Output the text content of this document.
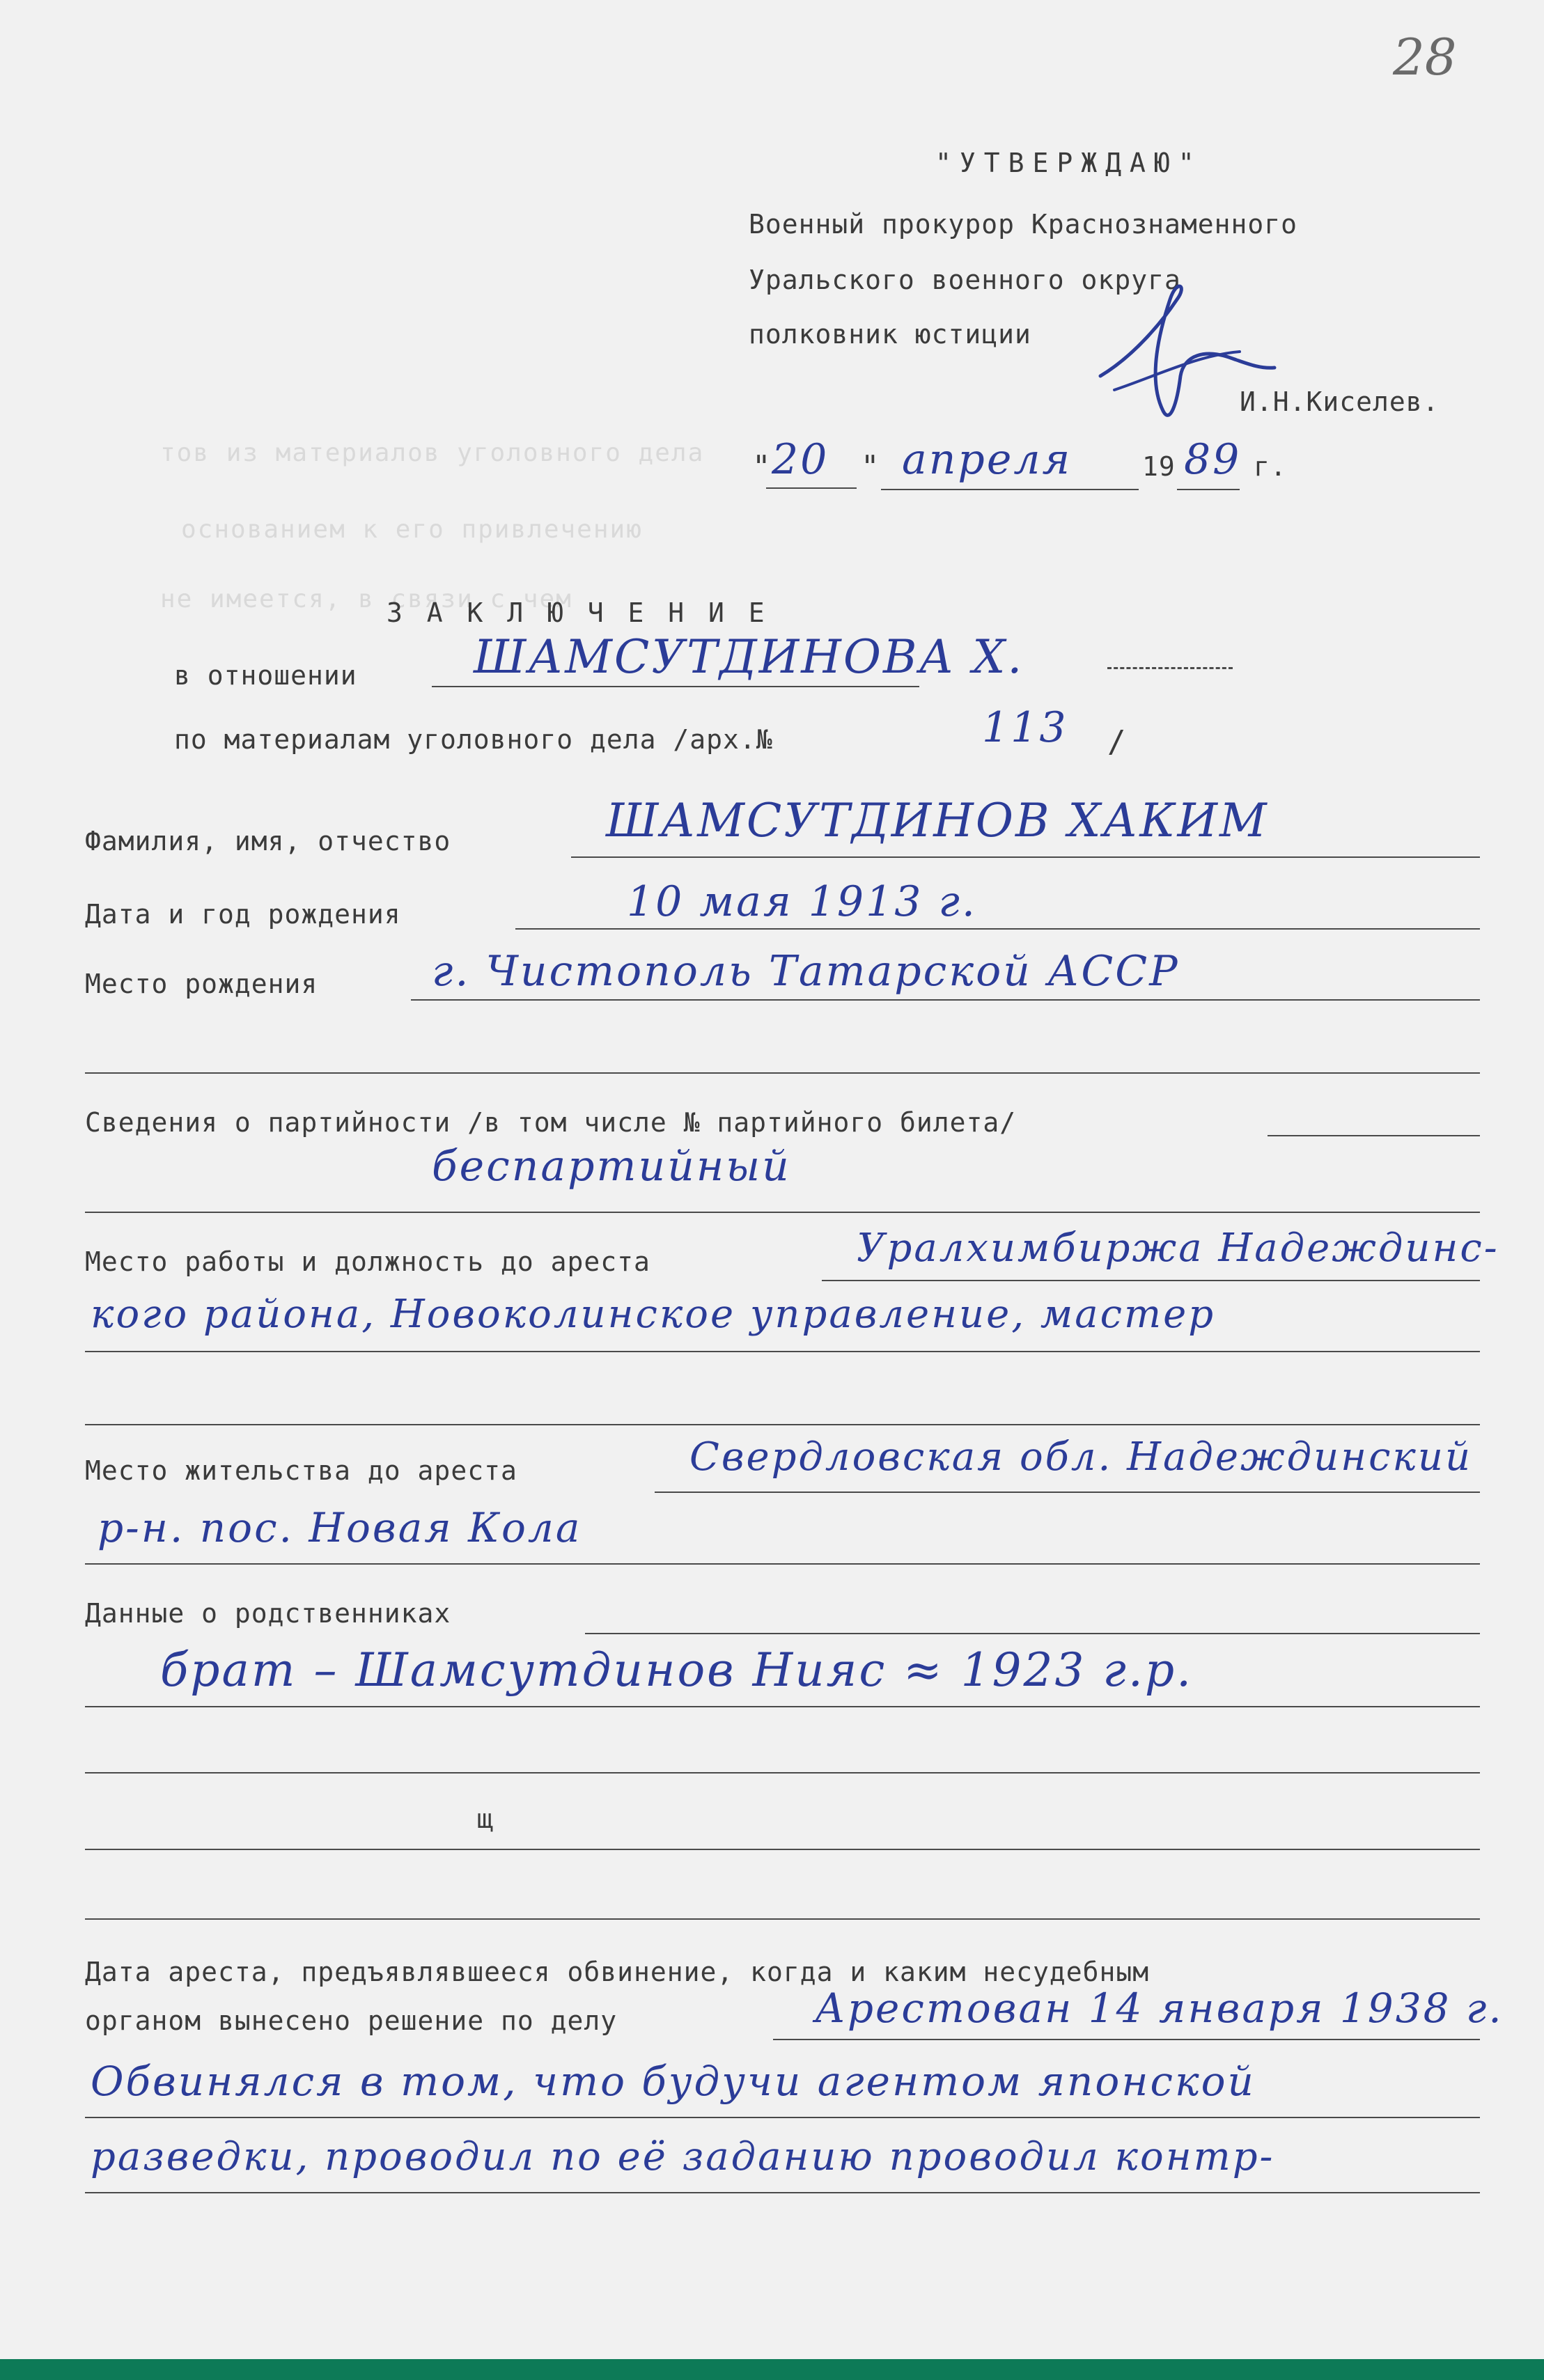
тов из материалов уголовного дела
основанием к его привлечению
не имеется, в связи с чем
28
"УТВЕРЖДАЮ"
Военный прокурор Краснознаменного
Уральского военного округа
полковник юстиции
И.Н.Киселев.
" 20 " апреля	19 89 г.
З А К Л Ю Ч Е Н И Е
в отношении	ШАМСУТДИНОВА Х.
по материалам уголовного дела /арх.№	113 /
Фамилия, имя, отчество	ШАМСУТДИНОВ ХАКИМ
Дата и год рождения	10 мая 1913 г.
Место рождения	г. Чистополь Татарской АССР
Сведения о партийности /в том числе № партийного билета/
беспартийный
Место работы и должность до ареста	Уралхимбиржа Надеждинс-
кого района, Новоколинское управление, мастер
Место жительства до ареста	Свердловская обл. Надеждинский
р-н. пос. Новая Кола
Данные о родственниках
брат – Шамсутдинов Нияс ≈ 1923 г.р.
щ
Дата ареста, предъявлявшееся обвинение, когда и каким несудебным
органом вынесено решение по делу	Арестован 14 января 1938 г.
Обвинялся в том, что будучи агентом японской
разведки, проводил по её заданию проводил контр-
